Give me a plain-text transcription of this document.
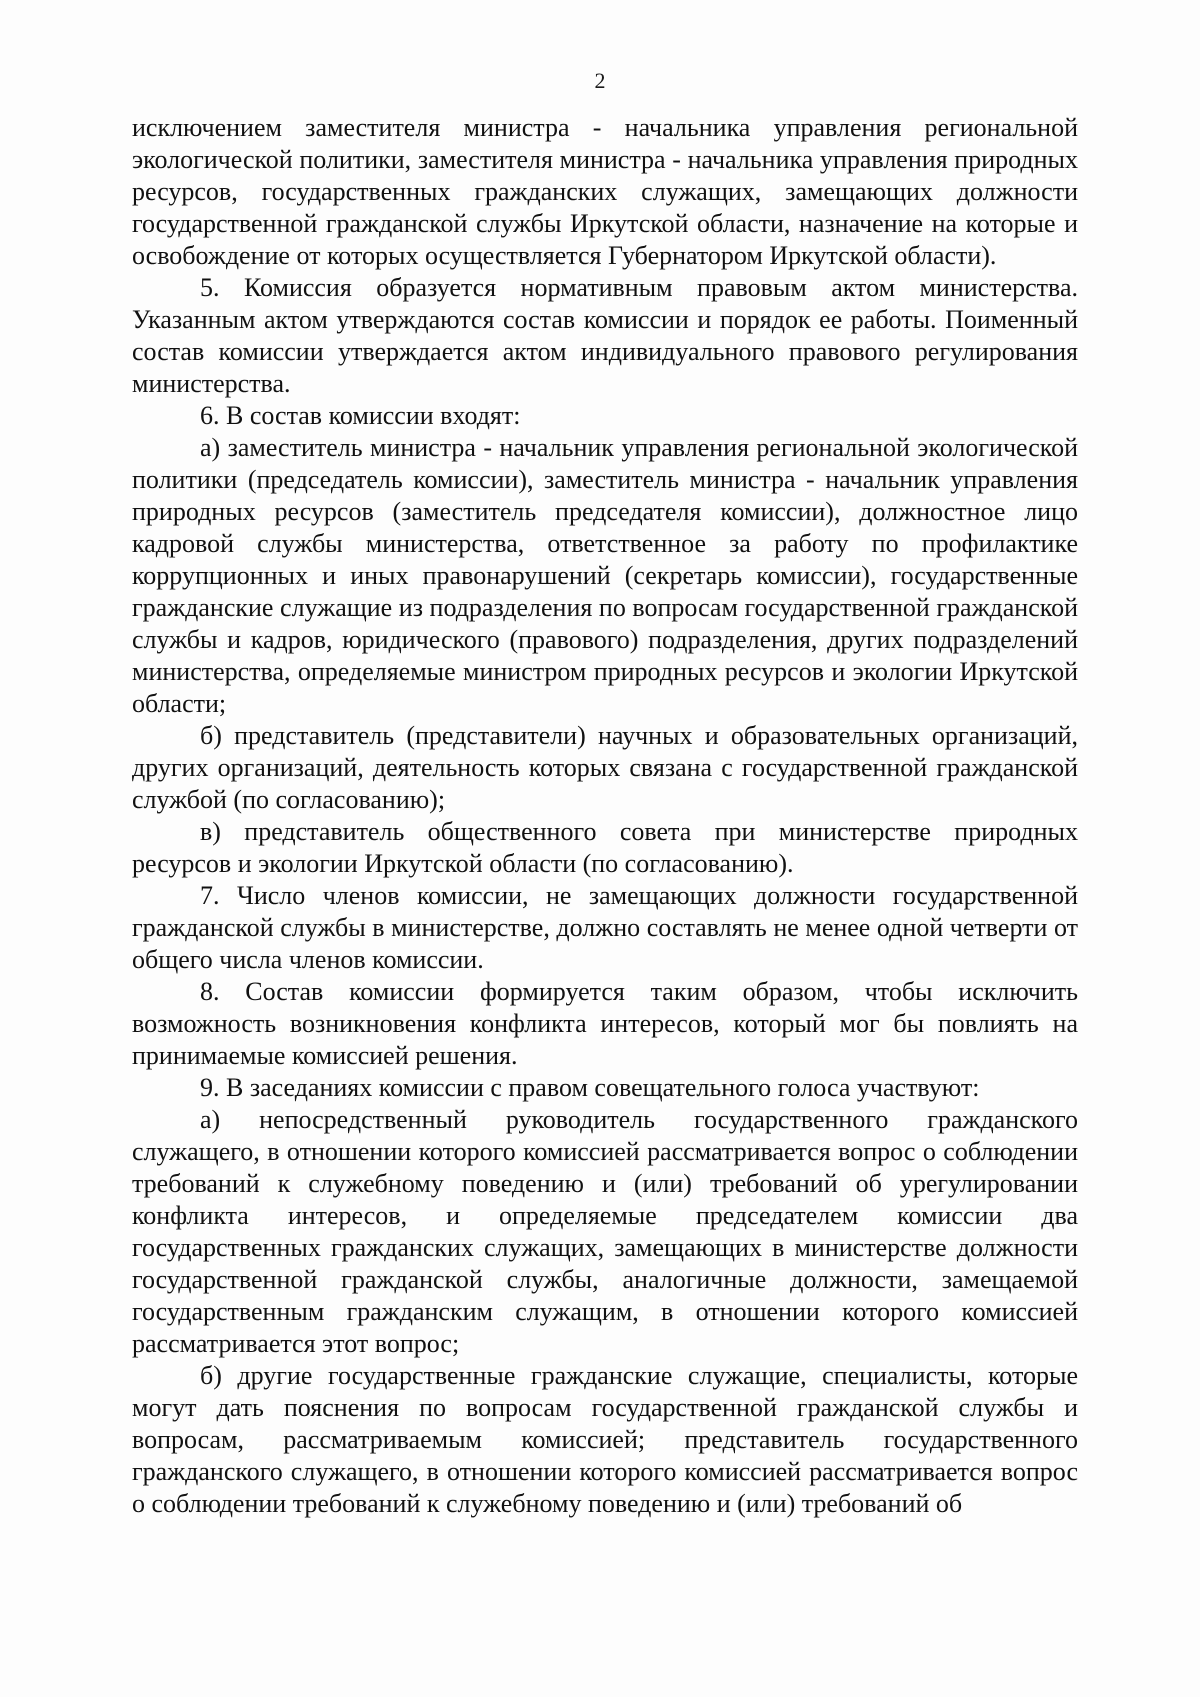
2

исключением заместителя министра - начальника управления региональной экологической политики, заместителя министра - начальника управления природных ресурсов, государственных гражданских служащих, замещающих должности государственной гражданской службы Иркутской области, назначение на которые и освобождение от которых осуществляется Губернатором Иркутской области).

5. Комиссия образуется нормативным правовым актом министерства. Указанным актом утверждаются состав комиссии и порядок ее работы. Поименный состав комиссии утверждается актом индивидуального правового регулирования министерства.

6. В состав комиссии входят:

а) заместитель министра - начальник управления региональной экологической политики (председатель комиссии), заместитель министра - начальник управления природных ресурсов (заместитель председателя комиссии), должностное лицо кадровой службы министерства, ответственное за работу по профилактике коррупционных и иных правонарушений (секретарь комиссии), государственные гражданские служащие из подразделения по вопросам государственной гражданской службы и кадров, юридического (правового) подразделения, других подразделений министерства, определяемые министром природных ресурсов и экологии Иркутской области;

б) представитель (представители) научных и образовательных организаций, других организаций, деятельность которых связана с государственной гражданской службой (по согласованию);

в) представитель общественного совета при министерстве природных ресурсов и экологии Иркутской области (по согласованию).

7. Число членов комиссии, не замещающих должности государственной гражданской службы в министерстве, должно составлять не менее одной четверти от общего числа членов комиссии.

8. Состав комиссии формируется таким образом, чтобы исключить возможность возникновения конфликта интересов, который мог бы повлиять на принимаемые комиссией решения.

9. В заседаниях комиссии с правом совещательного голоса участвуют:

а) непосредственный руководитель государственного гражданского служащего, в отношении которого комиссией рассматривается вопрос о соблюдении требований к служебному поведению и (или) требований об урегулировании конфликта интересов, и определяемые председателем комиссии два государственных гражданских служащих, замещающих в министерстве должности государственной гражданской службы, аналогичные должности, замещаемой государственным гражданским служащим, в отношении которого комиссией рассматривается этот вопрос;

б) другие государственные гражданские служащие, специалисты, которые могут дать пояснения по вопросам государственной гражданской службы и вопросам, рассматриваемым комиссией; представитель государственного гражданского служащего, в отношении которого комиссией рассматривается вопрос о соблюдении требований к служебному поведению и (или) требований об
